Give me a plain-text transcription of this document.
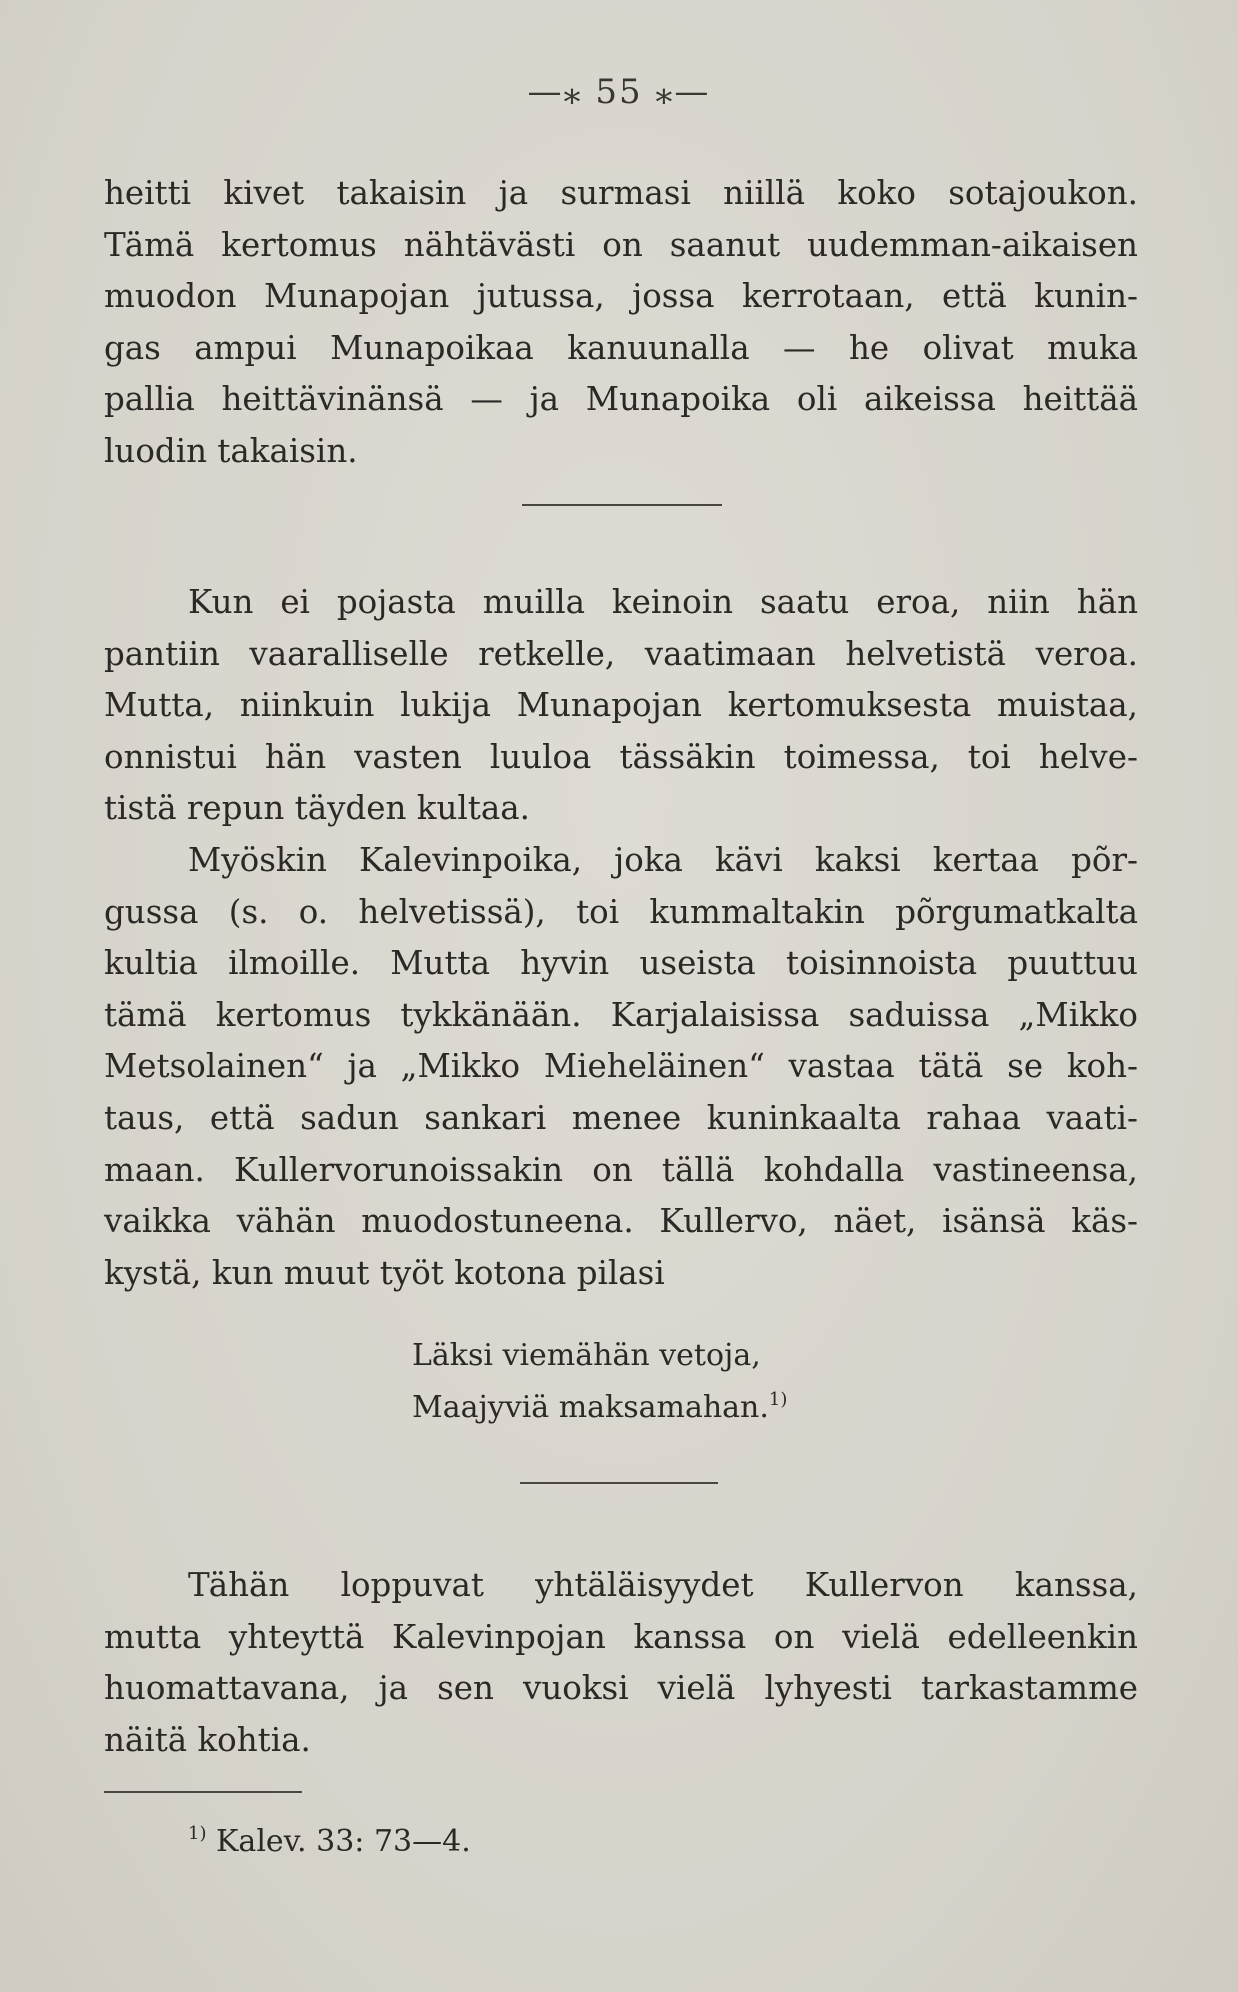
—⁎ 55 ⁎—
heitti kivet takaisin ja surmasi niillä koko sotajoukon.
Tämä kertomus nähtävästi on saanut uudemman-aikaisen
muodon Munapojan jutussa, jossa kerrotaan, että kunin-
gas ampui Munapoikaa kanuunalla — he olivat muka
pallia heittävinänsä — ja Munapoika oli aikeissa heittää
luodin takaisin.
Kun ei pojasta muilla keinoin saatu eroa, niin hän
pantiin vaaralliselle retkelle, vaatimaan helvetistä veroa.
Mutta, niinkuin lukija Munapojan kertomuksesta muistaa,
onnistui hän vasten luuloa tässäkin toimessa, toi helve-
tistä repun täyden kultaa.
Myöskin Kalevinpoika, joka kävi kaksi kertaa põr-
gussa (s. o. helvetissä), toi kummaltakin põrgumatkalta
kultia ilmoille. Mutta hyvin useista toisinnoista puuttuu
tämä kertomus tykkänään. Karjalaisissa saduissa „Mikko
Metsolainen“ ja „Mikko Mieheläinen“ vastaa tätä se koh-
taus, että sadun sankari menee kuninkaalta rahaa vaati-
maan. Kullervorunoissakin on tällä kohdalla vastineensa,
vaikka vähän muodostuneena. Kullervo, näet, isänsä käs-
kystä, kun muut työt kotona pilasi
Läksi viemähän vetoja,
Maajyviä maksamahan.$^{1)}$
Tähän loppuvat yhtäläisyydet Kullervon kanssa,
mutta yhteyttä Kalevinpojan kanssa on vielä edelleenkin
huomattavana, ja sen vuoksi vielä lyhyesti tarkastamme
näitä kohtia.
$^{1)}$ Kalev. 33: 73—4.
